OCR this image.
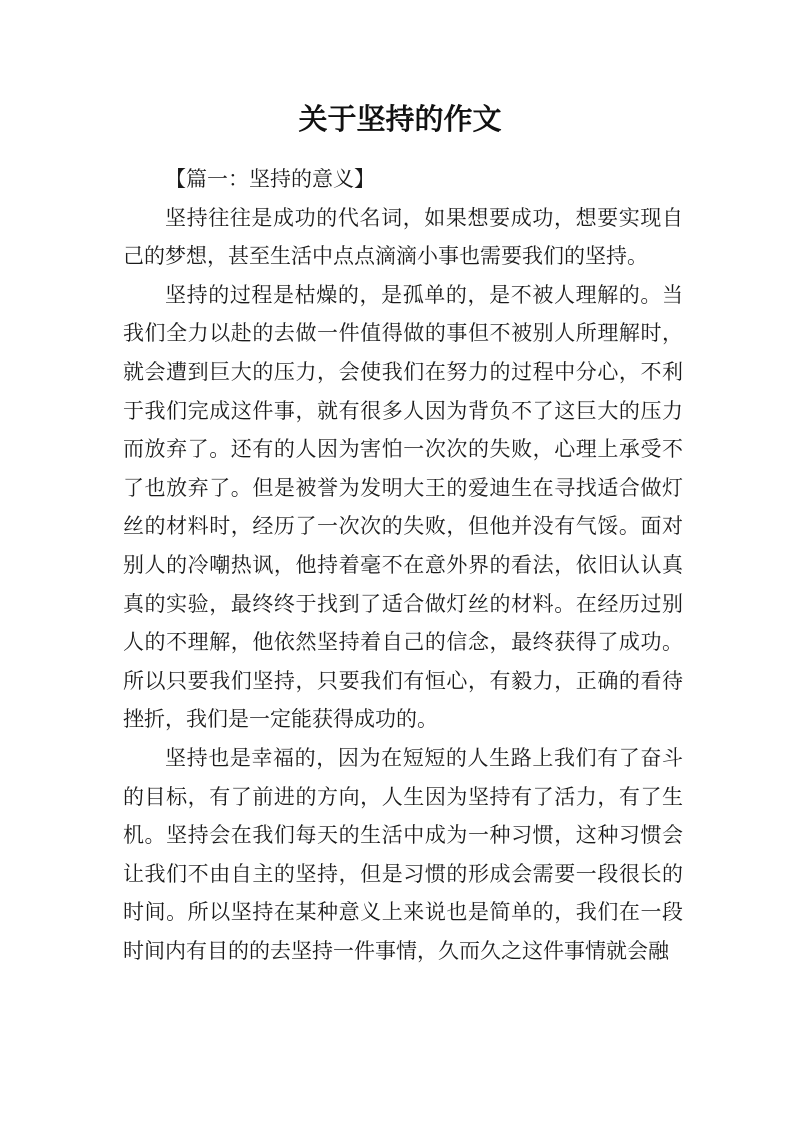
关于坚持的作文

【篇一：坚持的意义】

坚持往往是成功的代名词，如果想要成功，想要实现自己的梦想，甚至生活中点点滴滴小事也需要我们的坚持。

坚持的过程是枯燥的，是孤单的，是不被人理解的。当我们全力以赴的去做一件值得做的事但不被别人所理解时，就会遭到巨大的压力，会使我们在努力的过程中分心，不利于我们完成这件事，就有很多人因为背负不了这巨大的压力而放弃了。还有的人因为害怕一次次的失败，心理上承受不了也放弃了。但是被誉为发明大王的爱迪生在寻找适合做灯丝的材料时，经历了一次次的失败，但他并没有气馁。面对别人的冷嘲热讽，他持着毫不在意外界的看法，依旧认认真真的实验，最终终于找到了适合做灯丝的材料。在经历过别人的不理解，他依然坚持着自己的信念，最终获得了成功。所以只要我们坚持，只要我们有恒心，有毅力，正确的看待挫折，我们是一定能获得成功的。

坚持也是幸福的，因为在短短的人生路上我们有了奋斗的目标，有了前进的方向，人生因为坚持有了活力，有了生机。坚持会在我们每天的生活中成为一种习惯，这种习惯会让我们不由自主的坚持，但是习惯的形成会需要一段很长的时间。所以坚持在某种意义上来说也是简单的，我们在一段时间内有目的的去坚持一件事情，久而久之这件事情就会融
